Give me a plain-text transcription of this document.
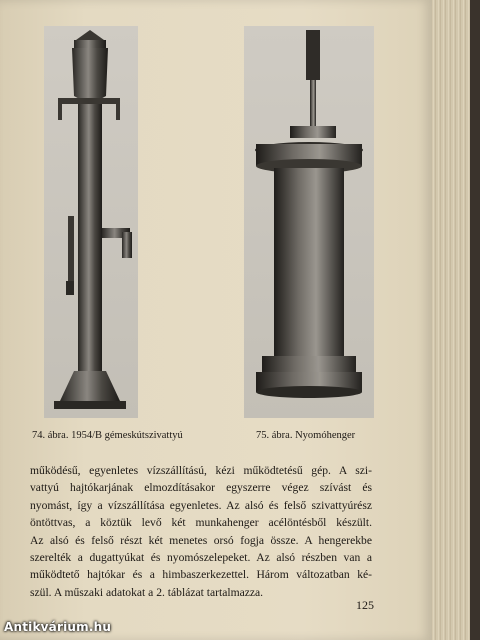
74. ábra. 1954/B gémeskútszivattyú	75. ábra. Nyomóhenger
működésű, egyenletes vízszállítású, kézi működtetésű gép. A szi-
vattyú hajtókarjának elmozdításakor egyszerre végez szívást és
nyomást, így a vízszállítása egyenletes. Az alsó és felső szivattyúrész
öntöttvas, a köztük levő két munkahenger acélöntésből készült.
Az alsó és felső részt két menetes orsó fogja össze. A hengerekbe
szerelték a dugattyúkat és nyomószelepeket. Az alsó részben van a
működtető hajtókar és a himbaszerkezettel. Három változatban ké-
szül. A műszaki adatokat a 2. táblázat tartalmazza.
125
Antikvárium.hu
